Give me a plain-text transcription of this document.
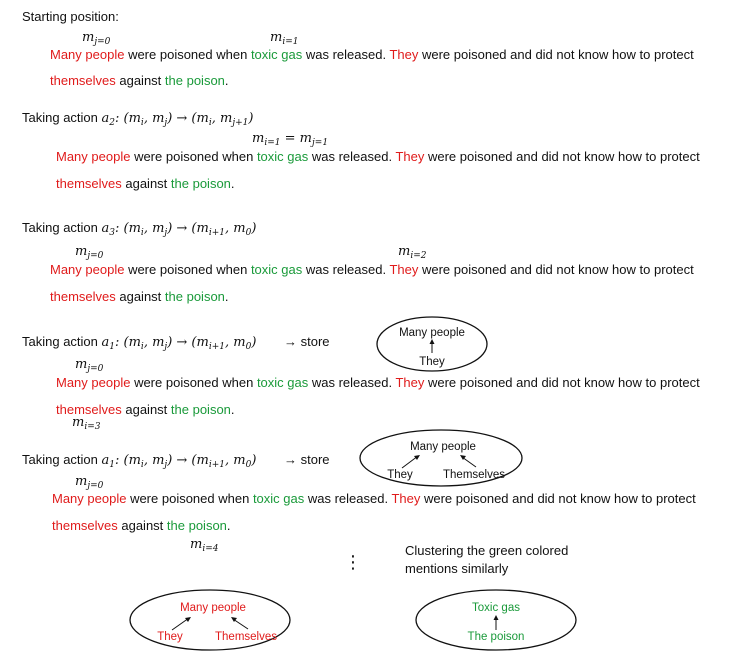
Starting position:
$m_{j=0}$	$m_{i=1}$
Many people were poisoned when toxic gas was released. They were poisoned and did not know how to protect
themselves against the poison.
Taking action $a_2$: ($m_i$, $m_j) \to (m_i$, $m_{j+1}$)
$m_{i=1} = m_{j=1}$
Many people were poisoned when toxic gas was released. They were poisoned and did not know how to protect
themselves against the poison.
Taking action $a_3$: ($m_i$, $m_j) \to (m_{i+1}$, $m_0$)
$m_{j=0}$	$m_{i=2}$
Many people were poisoned when toxic gas was released. They were poisoned and did not know how to protect
themselves against the poison.
Taking action $a_1$: ($m_i$, $m_j) \to (m_{i+1}$, $m_0$) → store
Many people
They
$m_{j=0}$
Many people were poisoned when toxic gas was released. They were poisoned and did not know how to protect
themselves against the poison.
$m_{i=3}$
Taking action $a_1$: ($m_i$, $m_j) \to (m_{i+1}$, $m_0$) → store
Many people
They	Themselves
$m_{j=0}$
Many people were poisoned when toxic gas was released. They were poisoned and did not know how to protect
themselves against the poison.
$m_{i=4}$
⋮
Clustering the green colored
mentions similarly
Many people
They	Themselves
Toxic gas
The poison
